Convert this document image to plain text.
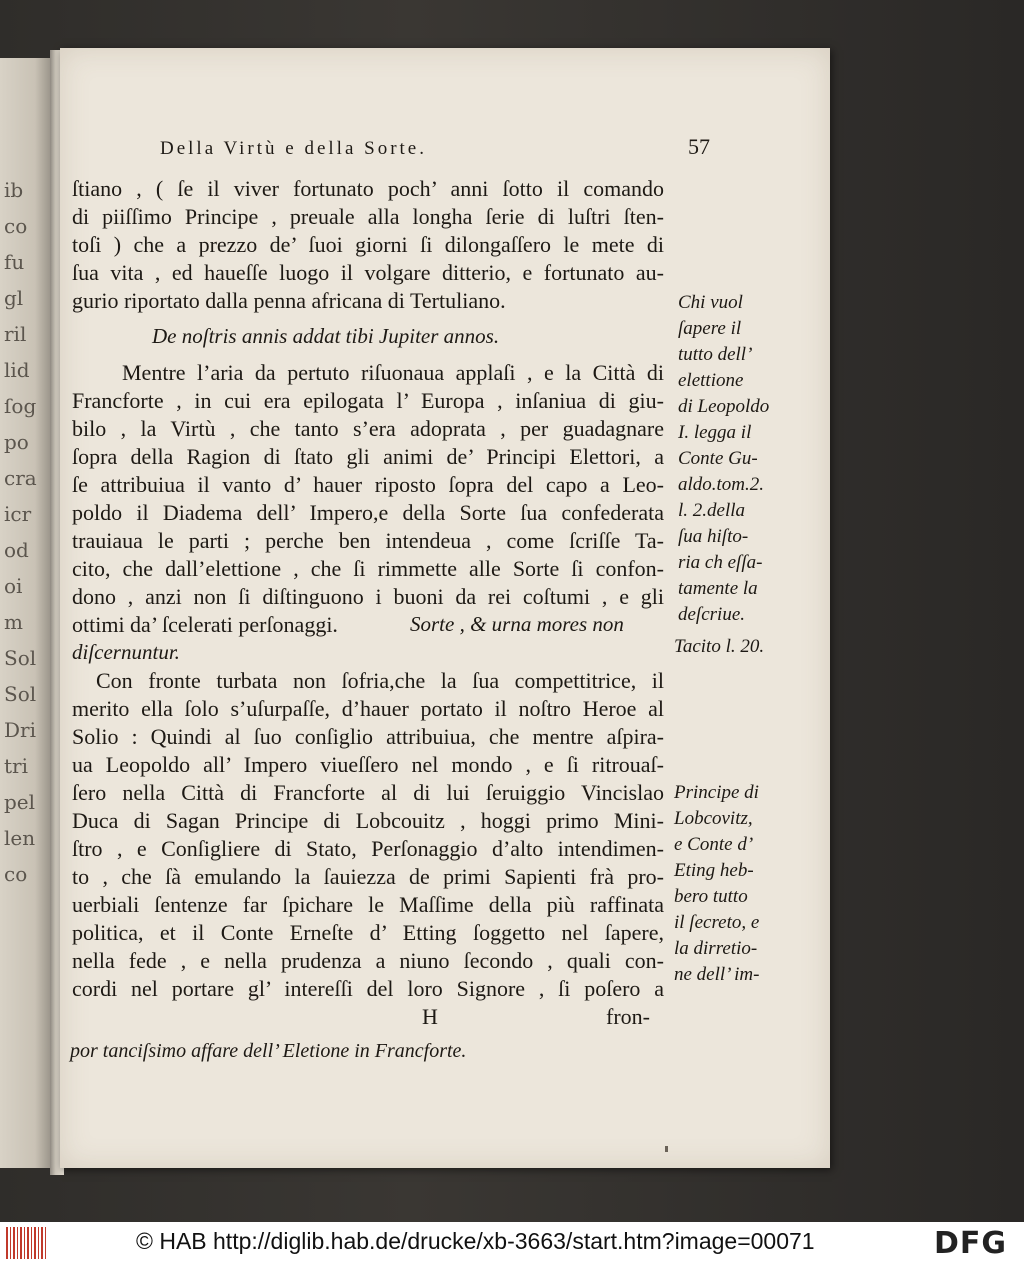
ib
co
fu
gl
ril
lid
ſog
po
cra
icr
od
oi
m
Sol
Sol
Dri
tri
pel
len
co
Della Virtù e della Sorte.	57
ſtiano , ( ſe il viver fortunato poch’ anni ſotto il comando
di piiſſimo Principe , preuale alla longha ſerie di luſtri ſten-
toſi ) che a prezzo de’ ſuoi giorni ſi dilongaſſero le mete di
ſua vita , ed haueſſe luogo il volgare ditterio, e fortunato au-
gurio riportato dalla penna africana di Tertuliano.
De noſtris annis addat tibi Jupiter annos.
Mentre l’aria da pertuto riſuonaua applaſi , e la Città di
Francforte , in cui era epilogata l’ Europa , inſaniua di giu-
bilo , la Virtù , che tanto s’era adoprata , per guadagnare
ſopra della Ragion di ſtato gli animi de’ Principi Elettori, a
ſe attribuiua il vanto d’ hauer riposto ſopra del capo a Leo-
poldo il Diadema dell’ Impero,e della Sorte ſua confederata
trauiaua le parti ; perche ben intendeua , come ſcriſſe Ta-
cito, che dall’elettione , che ſi rimmette alle Sorte ſi confon-
dono , anzi non ſi diſtinguono i buoni da rei coſtumi , e gli
ottimi da’ ſcelerati perſonaggi.	Sorte , & urna mores non
diſcernuntur.
Con fronte turbata non ſofria,che la ſua compettitrice, il
merito ella ſolo s’uſurpaſſe, d’hauer portato il noſtro Heroe al
Solio : Quindi al ſuo conſiglio attribuiua, che mentre aſpira-
ua Leopoldo all’ Impero viueſſero nel mondo , e ſi ritrouaſ-
ſero nella Città di Francforte al di lui ſeruiggio Vincislao
Duca di Sagan Principe di Lobcouitz , hoggi primo Mini-
ſtro , e Conſigliere di Stato, Perſonaggio d’alto intendimen-
to , che ſà emulando la ſauiezza de primi Sapienti frà pro-
uerbiali ſentenze far ſpichare le Maſſime della più raffinata
politica, et il Conte Erneſte d’ Etting ſoggetto nel ſapere,
nella fede , e nella prudenza a niuno ſecondo , quali con-
cordi nel portare gl’ intereſſi del loro Signore , ſi poſero a
H	fron-
por tanciſsimo affare dell’ Eletione in Francforte.
Chi vuol
ſapere il
tutto dell’
elettione
di Leopoldo
I. legga il
Conte Gu-
aldo.tom.2.
l. 2.della
ſua hiſto-
ria ch eſſa-
tamente la
deſcriue.
Tacito l. 20.
Principe di
Lobcovitz,
e Conte d’
Eting heb-
bero tutto
il ſecreto, e
la dirretio-
ne dell’ im-
© HAB http://diglib.hab.de/drucke/xb-3663/start.htm?image=00071	DFG
